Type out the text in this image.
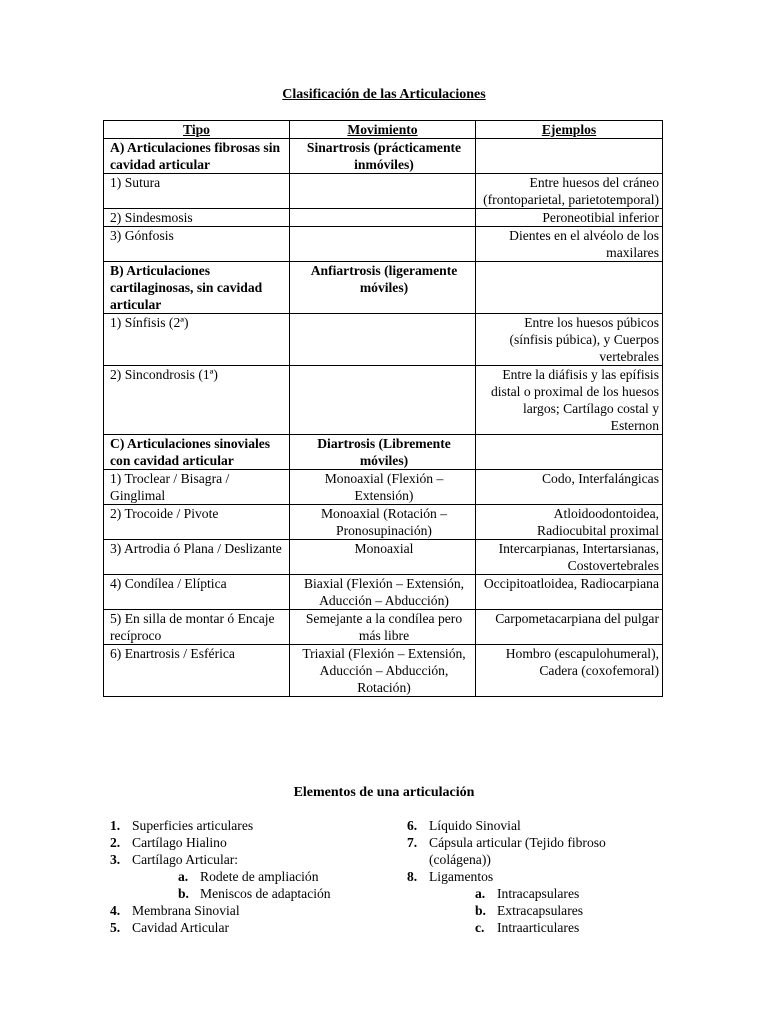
Clasificación de las Articulaciones
Tipo	Movimiento	Ejemplos
A) Articulaciones fibrosas sin cavidad articular	Sinartrosis (prácticamente inmóviles)	
1) Sutura		Entre huesos del cráneo (frontoparietal, parietotemporal)
2) Sindesmosis		Peroneotibial inferior
3) Gónfosis		Dientes en el alvéolo de los maxilares
B) Articulaciones cartilaginosas, sin cavidad articular	Anfiartrosis (ligeramente móviles)	
1) Sínfisis (2ª)		Entre los huesos púbicos (sínfisis púbica), y Cuerpos vertebrales
2) Sincondrosis (1ª)		Entre la diáfisis y las epífisis distal o proximal de los huesos largos; Cartílago costal y Esternon
C) Articulaciones sinoviales con cavidad articular	Diartrosis (Libremente móviles)	
1) Troclear / Bisagra / Ginglimal	Monoaxial (Flexión – Extensión)	Codo, Interfalángicas
2) Trocoide / Pivote	Monoaxial (Rotación – Pronosupinación)	Atloidoodontoidea, Radiocubital proximal
3) Artrodia ó Plana / Deslizante	Monoaxial	Intercarpianas, Intertarsianas, Costovertebrales
4) Condílea / Elíptica	Biaxial (Flexión – Extensión, Aducción – Abducción)	Occipitoatloidea, Radiocarpiana
5) En silla de montar ó Encaje recíproco	Semejante a la condílea pero más libre	Carpometacarpiana del pulgar
6) Enartrosis / Esférica	Triaxial (Flexión – Extensión, Aducción – Abducción, Rotación)	Hombro (escapulohumeral), Cadera (coxofemoral)
Elementos de una articulación
1. Superficies articulares
2. Cartílago Hialino
3. Cartílago Articular:
a. Rodete de ampliación
b. Meniscos de adaptación
4. Membrana Sinovial
5. Cavidad Articular
6. Líquido Sinovial
7. Cápsula articular (Tejido fibroso (colágena))
8. Ligamentos
a. Intracapsulares
b. Extracapsulares
c. Intraarticulares
